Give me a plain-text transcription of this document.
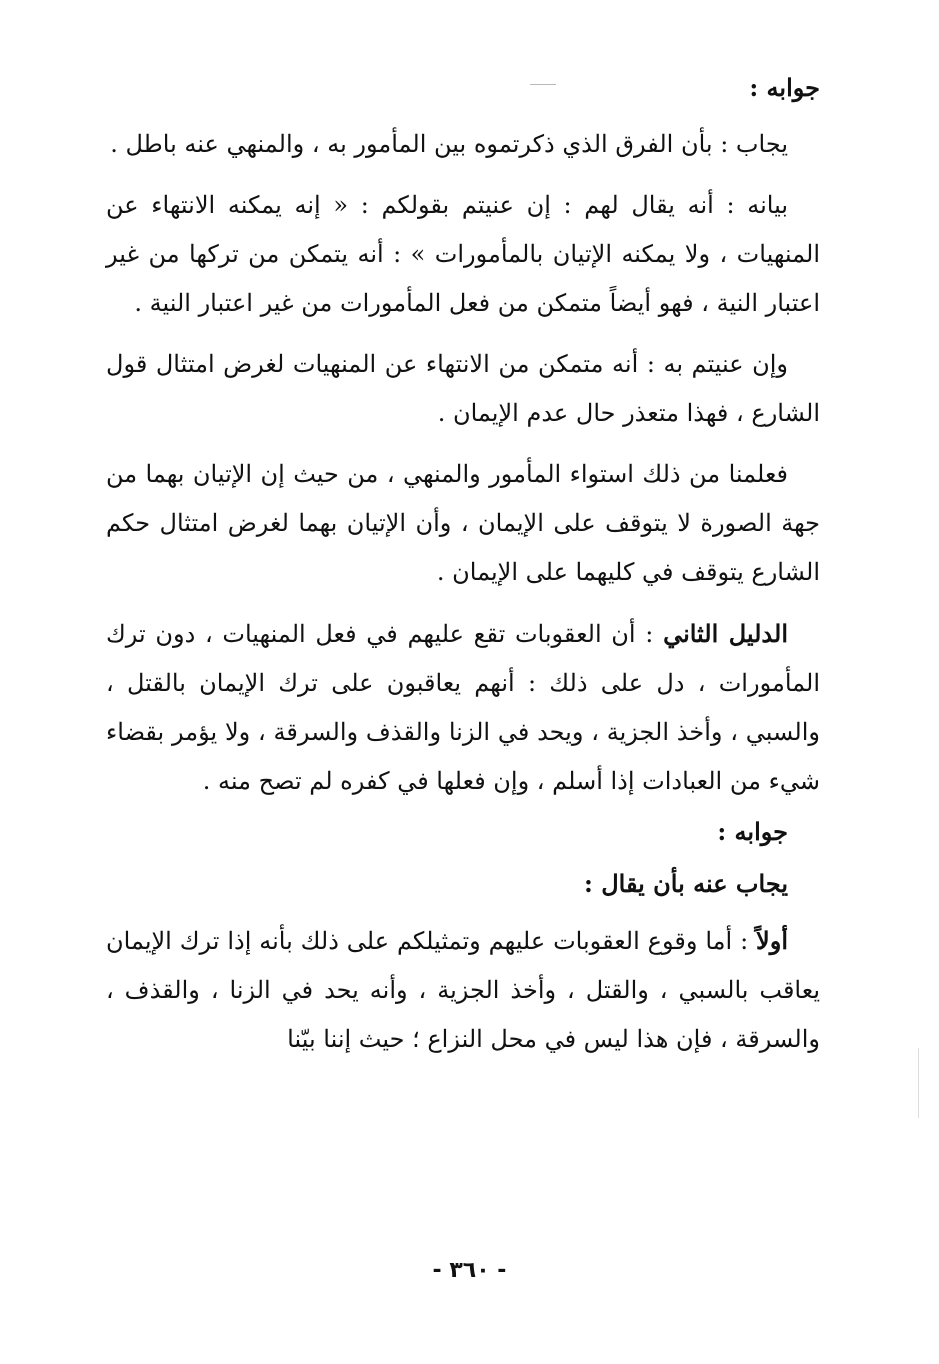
جوابه :

يجاب : بأن الفرق الذي ذكرتموه بين المأمور به ، والمنهي عنه باطل .

بيانه : أنه يقال لهم : إن عنيتم بقولكم : « إنه يمكنه الانتهاء عن المنهيات ، ولا يمكنه الإتيان بالمأمورات » : أنه يتمكن من تركها من غير اعتبار النية ، فهو أيضاً متمكن من فعل المأمورات من غير اعتبار النية .

وإن عنيتم به : أنه متمكن من الانتهاء عن المنهيات لغرض امتثال قول الشارع ، فهذا متعذر حال عدم الإيمان .

فعلمنا من ذلك استواء المأمور والمنهي ، من حيث إن الإتيان بهما من جهة الصورة لا يتوقف على الإيمان ، وأن الإتيان بهما لغرض امتثال حكم الشارع يتوقف في كليهما على الإيمان .

الدليل الثاني : أن العقوبات تقع عليهم في فعل المنهيات ، دون ترك المأمورات ، دل على ذلك : أنهم يعاقبون على ترك الإيمان بالقتل ، والسبي ، وأخذ الجزية ، ويحد في الزنا والقذف والسرقة ، ولا يؤمر بقضاء شيء من العبادات إذا أسلم ، وإن فعلها في كفره لم تصح منه .

جوابه :

يجاب عنه بأن يقال :

أولاً : أما وقوع العقوبات عليهم وتمثيلكم على ذلك بأنه إذا ترك الإيمان يعاقب بالسبي ، والقتل ، وأخذ الجزية ، وأنه يحد في الزنا ، والقذف ، والسرقة ، فإن هذا ليس في محل النزاع ؛ حيث إننا بيّنا

- ٣٦٠ -
